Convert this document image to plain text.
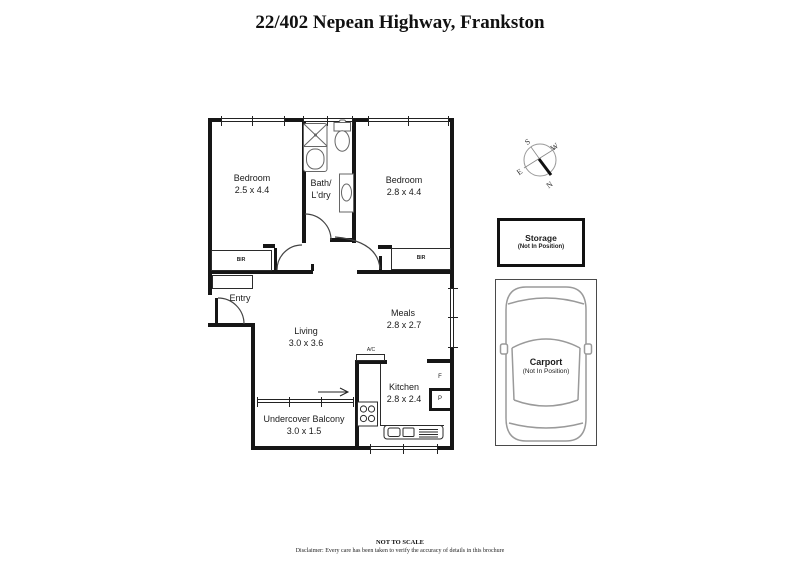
22/402 Nepean Highway, Frankston
S W
E
N
Bedroom
2.5 x 4.4
Bath/
L'dry
Bedroom
2.8 x 4.4
Entry
Living
3.0 x 3.6
Meals
2.8 x 2.7
Kitchen
2.8 x 2.4
Undercover Balcony
3.0 x 1.5
BIR	BIR
A/C
F
P
Storage
(Not In Position)
Carport
(Not In Position)
NOT TO SCALE
Disclaimer: Every care has been taken to verify the accuracy of details in this brochure
